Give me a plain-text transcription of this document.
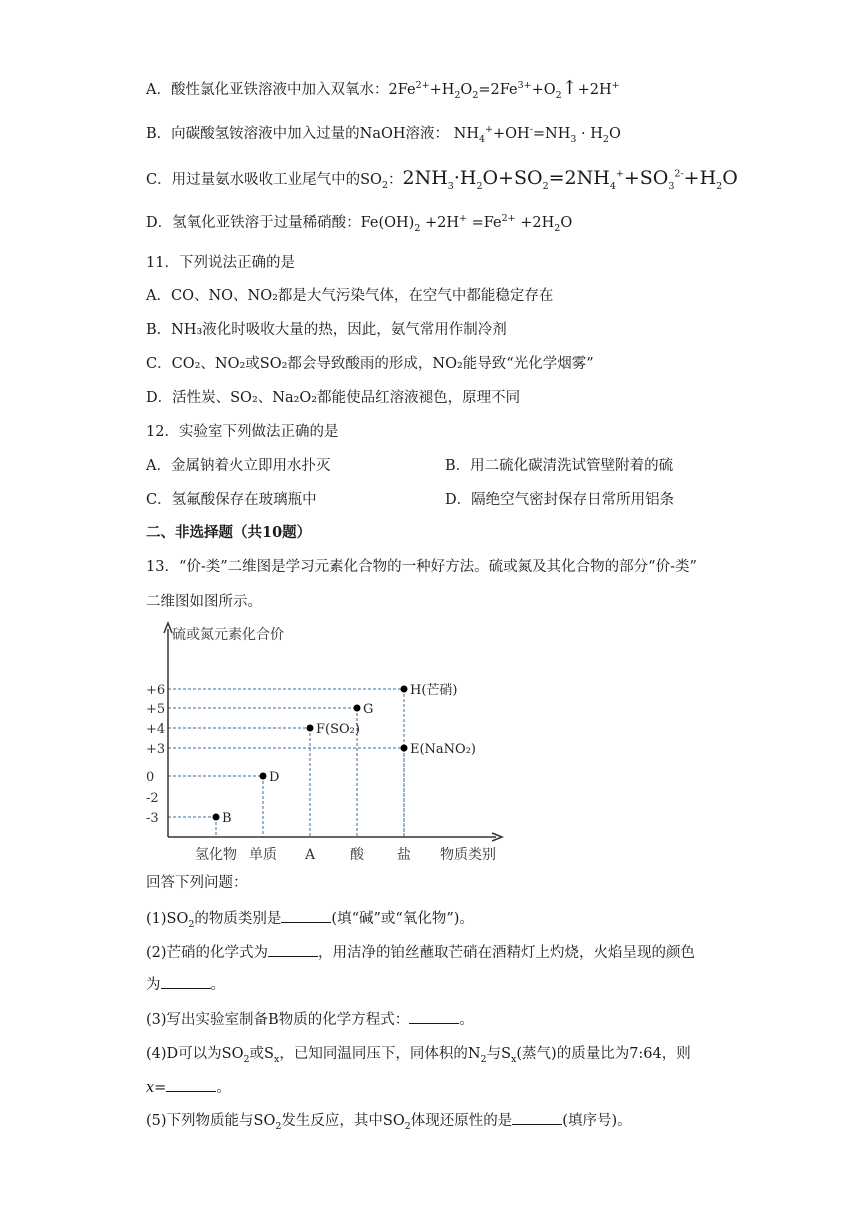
A．酸性氯化亚铁溶液中加入双氧水：$2Fe^{2+}+H_2O_2=2Fe^{3+}+O_2↑+2H^+$
B．向碳酸氢铵溶液中加入过量的NaOH溶液： $NH_4^++OH^-=NH_3 \cdot H_2O$
C．用过量氨水吸收工业尾气中的$SO_2$：$2NH_3\cdot H_2O+SO_2=2NH_4^++SO_3^{2-}+H_2O$
D．氢氧化亚铁溶于过量稀硝酸：$Fe(OH)_2 +2H^+ =Fe^{2+} +2H_2O$
11．下列说法正确的是
A．CO、NO、NO₂都是大气污染气体，在空气中都能稳定存在
B．NH₃液化时吸收大量的热，因此，氨气常用作制冷剂
C．CO₂、NO₂或SO₂都会导致酸雨的形成，NO₂能导致“光化学烟雾”
D．活性炭、SO₂、Na₂O₂都能使品红溶液褪色，原理不同
12．实验室下列做法正确的是
A．金属钠着火立即用水扑灭	B．用二硫化碳清洗试管壁附着的硫
C．氢氟酸保存在玻璃瓶中	D．隔绝空气密封保存日常所用铝条
二、非选择题（共10题）
13．“价-类”二维图是学习元素化合物的一种好方法。硫或氮及其化合物的部分“价-类”
二维图如图所示。
硫或氮元素化合价
+6
+5
+4
+3
0
-2
-3
氢化物 单质 A 酸 盐 物质类别
B
D
F(SO₂)
G
H(芒硝)
E(NaNO₂)
回答下列问题：
$(1)SO_2$的物质类别是	(填“碱”或“氧化物”)。
(2)芒硝的化学式为	，用洁净的铂丝蘸取芒硝在酒精灯上灼烧，火焰呈现的颜色
为	。
(3)写出实验室制备B物质的化学方程式：	。
(4)D可以为$SO_2$或$S_x$，已知同温同压下，同体积的$N_2$与$S_x$(蒸气)的质量比为7:64，则
x=	。
(5)下列物质能与$SO_2$发生反应，其中$SO_2$体现还原性的是	(填序号)。
